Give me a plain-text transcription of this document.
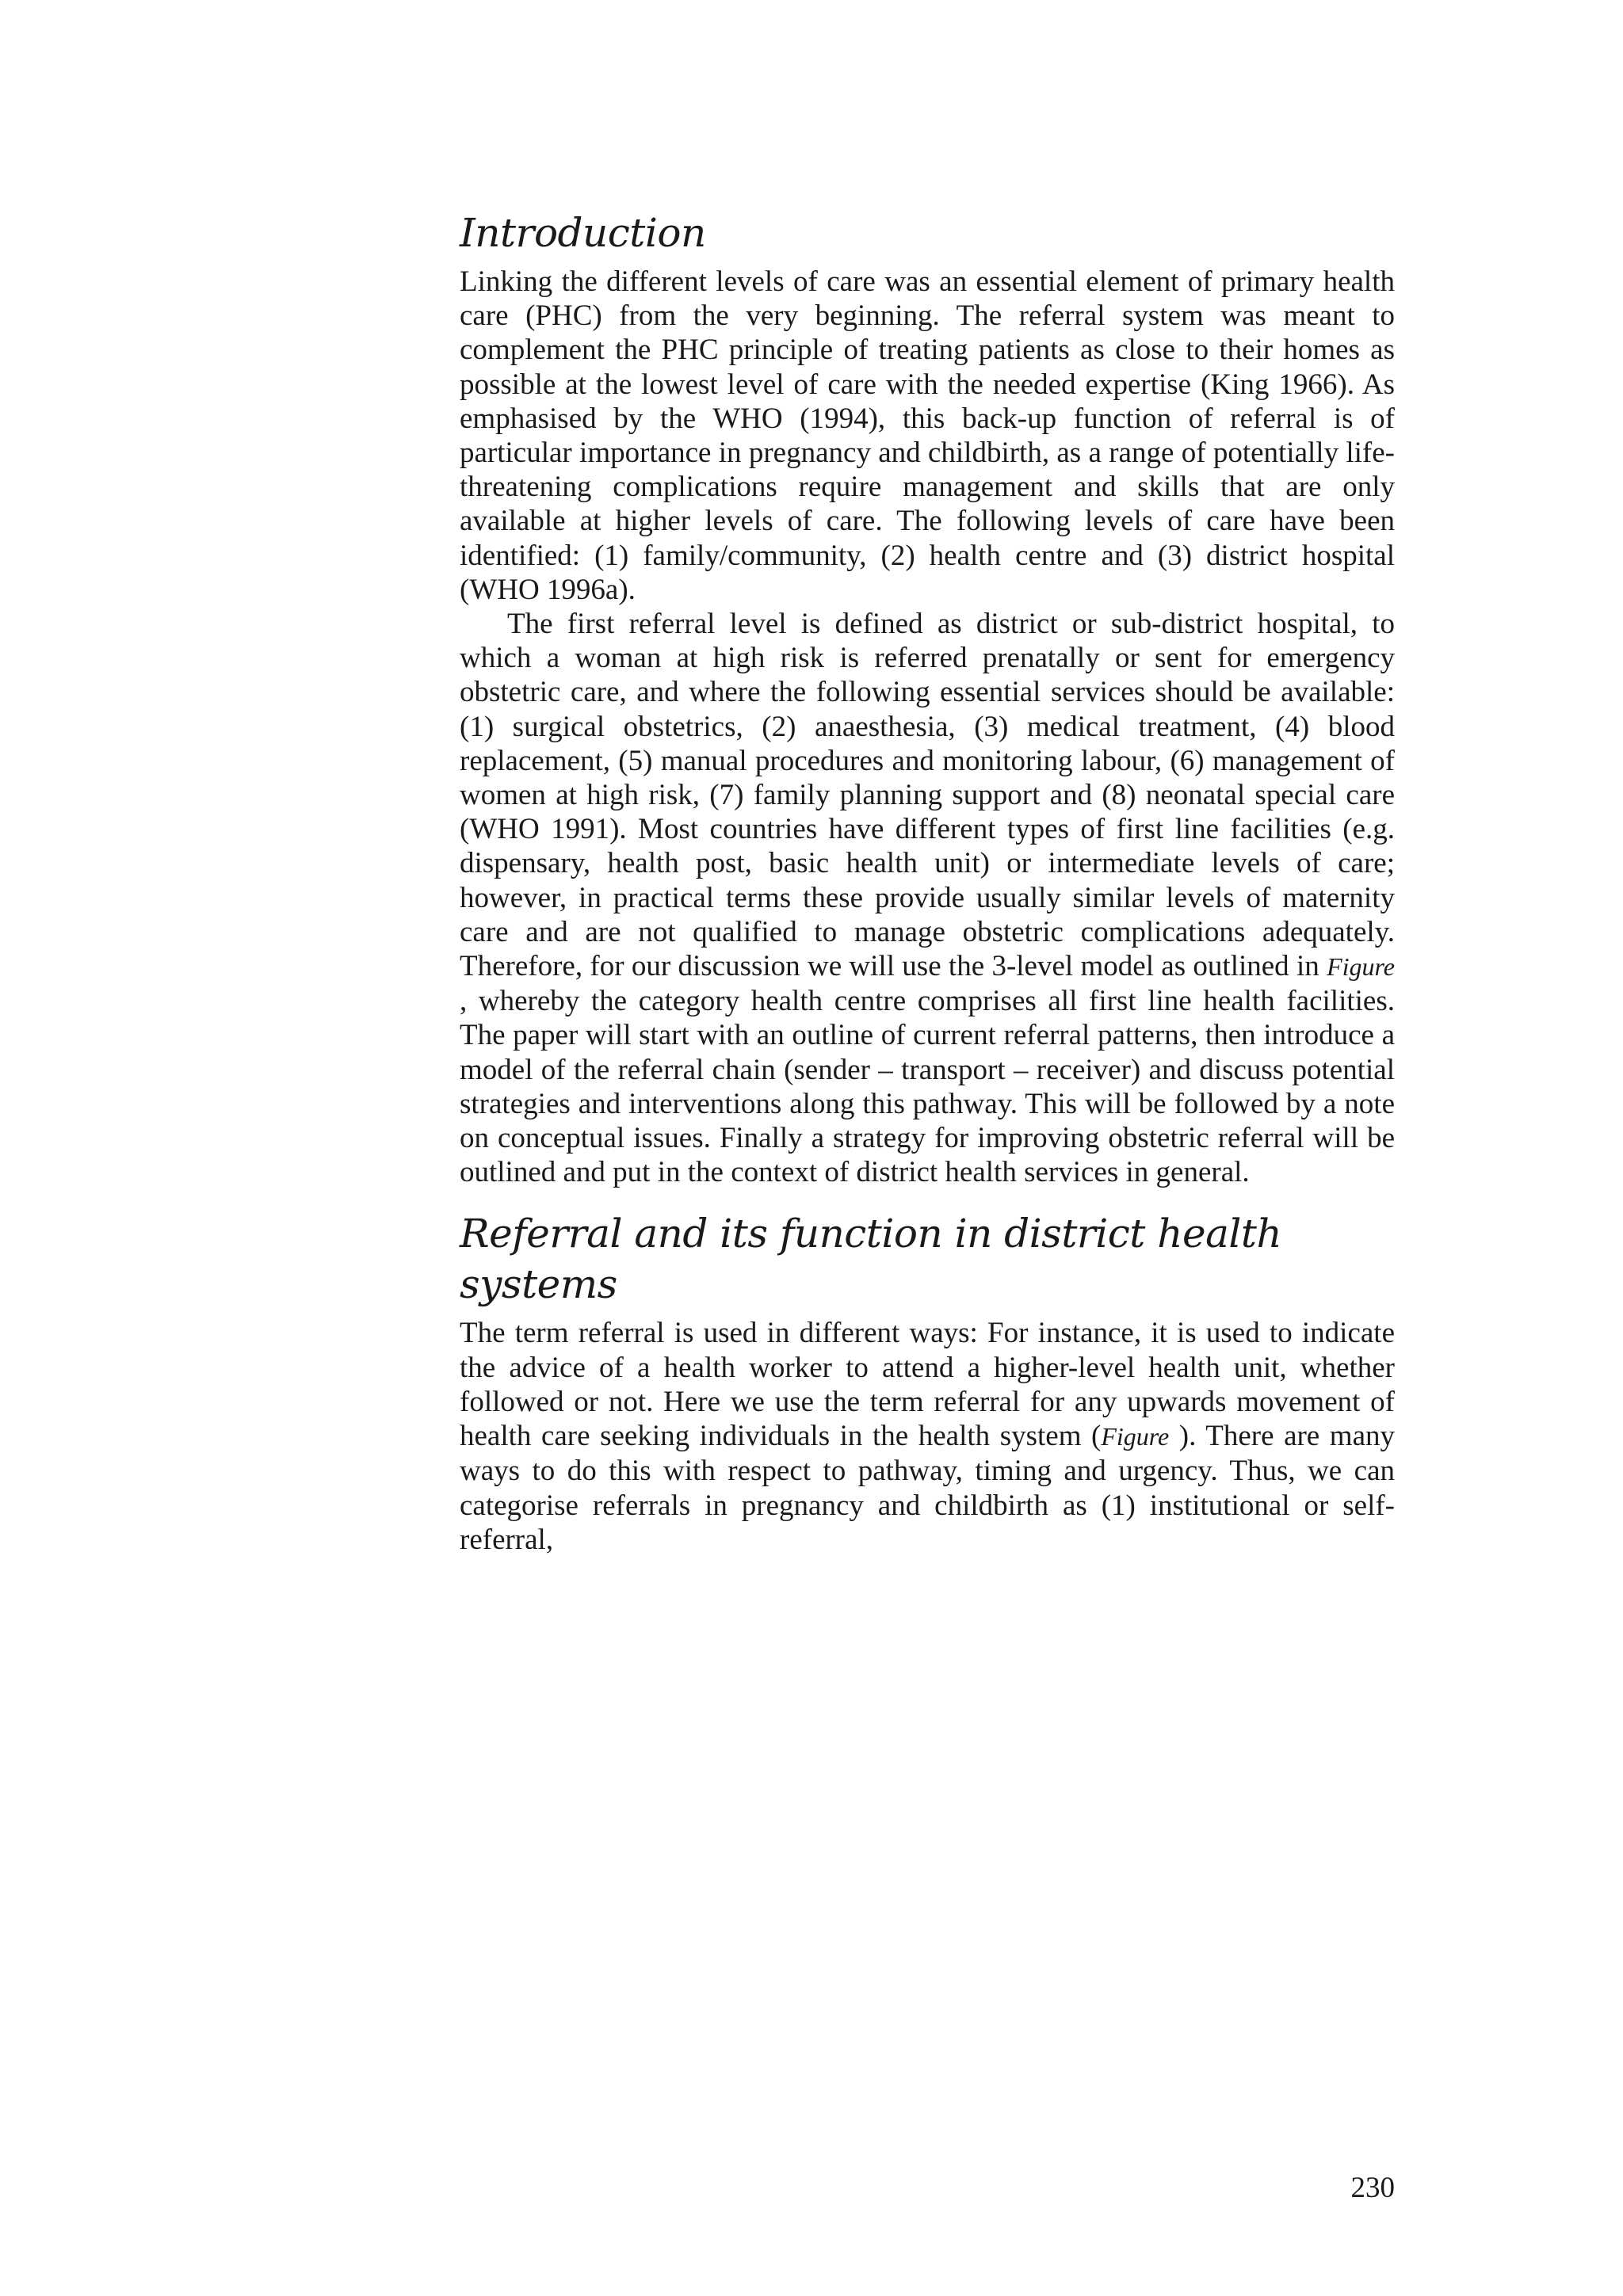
Introduction

Linking the different levels of care was an essential element of primary health care (PHC) from the very beginning. The referral system was meant to complement the PHC principle of treating patients as close to their homes as possible at the lowest level of care with the needed expertise (King 1966). As emphasised by the WHO (1994), this back-up function of referral is of particular importance in pregnancy and childbirth, as a range of potentially life-threatening complications require management and skills that are only available at higher levels of care. The following levels of care have been identified: (1) family/community, (2) health centre and (3) district hospital (WHO 1996a).

The first referral level is defined as district or sub-district hospital, to which a woman at high risk is referred prenatally or sent for emergency obstetric care, and where the following essential services should be available: (1) surgical obstetrics, (2) anaesthesia, (3) medical treatment, (4) blood replacement, (5) manual procedures and monitoring labour, (6) management of women at high risk, (7) family planning support and (8) neonatal special care (WHO 1991). Most countries have different types of first line facilities (e.g. dispensary, health post, basic health unit) or intermediate levels of care; however, in practical terms these provide usually similar levels of maternity care and are not qualified to manage obstetric complications adequately. Therefore, for our discussion we will use the 3-level model as outlined in Figure , whereby the category health centre comprises all first line health facilities. The paper will start with an outline of current referral patterns, then introduce a model of the referral chain (sender – transport – receiver) and discuss potential strategies and interventions along this pathway. This will be followed by a note on conceptual issues. Finally a strategy for improving obstetric referral will be outlined and put in the context of district health services in general.

Referral and its function in district health systems

The term referral is used in different ways: For instance, it is used to indicate the advice of a health worker to attend a higher-level health unit, whether followed or not. Here we use the term referral for any upwards movement of health care seeking individuals in the health system (Figure ). There are many ways to do this with respect to pathway, timing and urgency. Thus, we can categorise referrals in pregnancy and childbirth as (1) institutional or self-referral,

230
